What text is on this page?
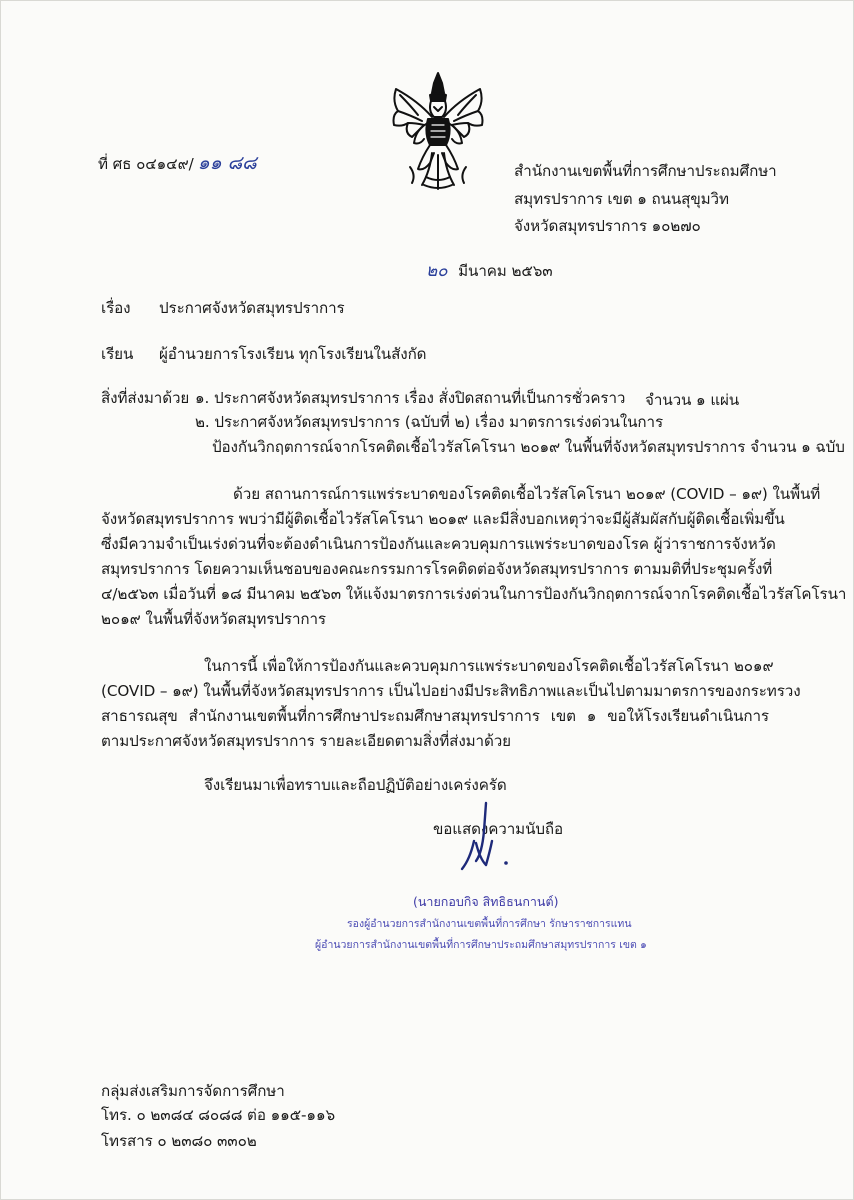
ที่ ศธ ๐๔๑๔๙/ ๑๑ ๘๘	สำนักงานเขตพื้นที่การศึกษาประถมศึกษา
สมุทรปราการ เขต ๑ ถนนสุขุมวิท
จังหวัดสมุทรปราการ ๑๐๒๗๐
๒๐ มีนาคม ๒๕๖๓
เรื่อง ประกาศจังหวัดสมุทรปราการ
เรียน ผู้อำนวยการโรงเรียน ทุกโรงเรียนในสังกัด
สิ่งที่ส่งมาด้วย ๑. ประกาศจังหวัดสมุทรปราการ เรื่อง สั่งปิดสถานที่เป็นการชั่วคราว จำนวน ๑ แผ่น
๒. ประกาศจังหวัดสมุทรปราการ (ฉบับที่ ๒) เรื่อง มาตรการเร่งด่วนในการ
ป้องกันวิกฤตการณ์จากโรคติดเชื้อไวรัสโคโรนา ๒๐๑๙ ในพื้นที่จังหวัดสมุทรปราการ จำนวน ๑ ฉบับ
ด้วย สถานการณ์การแพร่ระบาดของโรคติดเชื้อไวรัสโคโรนา ๒๐๑๙ (COVID – ๑๙) ในพื้นที่
จังหวัดสมุทรปราการ พบว่ามีผู้ติดเชื้อไวรัสโคโรนา ๒๐๑๙ และมีสิ่งบอกเหตุว่าจะมีผู้สัมผัสกับผู้ติดเชื้อเพิ่มขึ้น
ซึ่งมีความจำเป็นเร่งด่วนที่จะต้องดำเนินการป้องกันและควบคุมการแพร่ระบาดของโรค ผู้ว่าราชการจังหวัด
สมุทรปราการ โดยความเห็นชอบของคณะกรรมการโรคติดต่อจังหวัดสมุทรปราการ ตามมติที่ประชุมครั้งที่
๔/๒๕๖๓ เมื่อวันที่ ๑๘ มีนาคม ๒๕๖๓ ให้แจ้งมาตรการเร่งด่วนในการป้องกันวิกฤตการณ์จากโรคติดเชื้อไวรัสโคโรนา
๒๐๑๙ ในพื้นที่จังหวัดสมุทรปราการ
ในการนี้ เพื่อให้การป้องกันและควบคุมการแพร่ระบาดของโรคติดเชื้อไวรัสโคโรนา ๒๐๑๙
(COVID – ๑๙) ในพื้นที่จังหวัดสมุทรปราการ เป็นไปอย่างมีประสิทธิภาพและเป็นไปตามมาตรการของกระทรวง
สาธารณสุข สำนักงานเขตพื้นที่การศึกษาประถมศึกษาสมุทรปราการ เขต ๑ ขอให้โรงเรียนดำเนินการ
ตามประกาศจังหวัดสมุทรปราการ รายละเอียดตามสิ่งที่ส่งมาด้วย
จึงเรียนมาเพื่อทราบและถือปฏิบัติอย่างเคร่งครัด
ขอแสดงความนับถือ
(นายกอบกิจ สิทธิธนกานต์)
รองผู้อำนวยการสำนักงานเขตพื้นที่การศึกษา รักษาราชการแทน
ผู้อำนวยการสำนักงานเขตพื้นที่การศึกษาประถมศึกษาสมุทรปราการ เขต ๑
กลุ่มส่งเสริมการจัดการศึกษา
โทร. ๐ ๒๓๘๔ ๘๐๘๘ ต่อ ๑๑๕-๑๑๖
โทรสาร ๐ ๒๓๘๐ ๓๓๐๒
